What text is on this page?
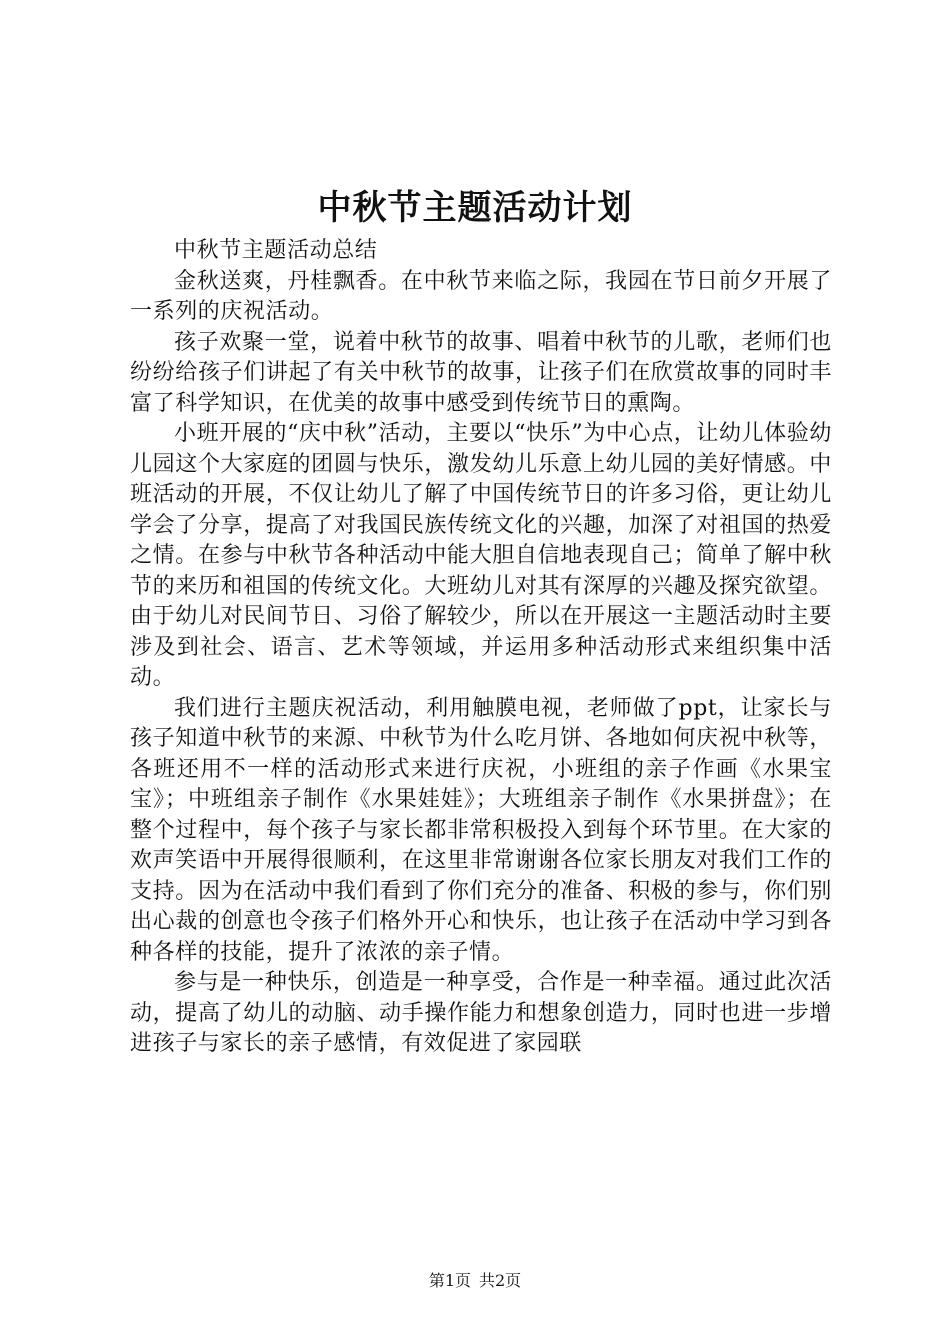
中秋节主题活动计划

中秋节主题活动总结

金秋送爽，丹桂飘香。在中秋节来临之际，我园在节日前夕开展了一系列的庆祝活动。

孩子欢聚一堂，说着中秋节的故事、唱着中秋节的儿歌，老师们也纷纷给孩子们讲起了有关中秋节的故事，让孩子们在欣赏故事的同时丰富了科学知识，在优美的故事中感受到传统节日的熏陶。

小班开展的“庆中秋”活动，主要以“快乐”为中心点，让幼儿体验幼儿园这个大家庭的团圆与快乐，激发幼儿乐意上幼儿园的美好情感。中班活动的开展，不仅让幼儿了解了中国传统节日的许多习俗，更让幼儿学会了分享，提高了对我国民族传统文化的兴趣，加深了对祖国的热爱之情。在参与中秋节各种活动中能大胆自信地表现自己；简单了解中秋节的来历和祖国的传统文化。大班幼儿对其有深厚的兴趣及探究欲望。由于幼儿对民间节日、习俗了解较少，所以在开展这一主题活动时主要涉及到社会、语言、艺术等领域，并运用多种活动形式来组织集中活动。

我们进行主题庆祝活动，利用触膜电视，老师做了ppt，让家长与孩子知道中秋节的来源、中秋节为什么吃月饼、各地如何庆祝中秋等，各班还用不一样的活动形式来进行庆祝，小班组的亲子作画《水果宝宝》；中班组亲子制作《水果娃娃》；大班组亲子制作《水果拼盘》；在整个过程中，每个孩子与家长都非常积极投入到每个环节里。在大家的欢声笑语中开展得很顺利，在这里非常谢谢各位家长朋友对我们工作的支持。因为在活动中我们看到了你们充分的准备、积极的参与，你们别出心裁的创意也令孩子们格外开心和快乐，也让孩子在活动中学习到各种各样的技能，提升了浓浓的亲子情。

参与是一种快乐，创造是一种享受，合作是一种幸福。通过此次活动，提高了幼儿的动脑、动手操作能力和想象创造力，同时也进一步增进孩子与家长的亲子感情，有效促进了家园联

第1页 共2页
